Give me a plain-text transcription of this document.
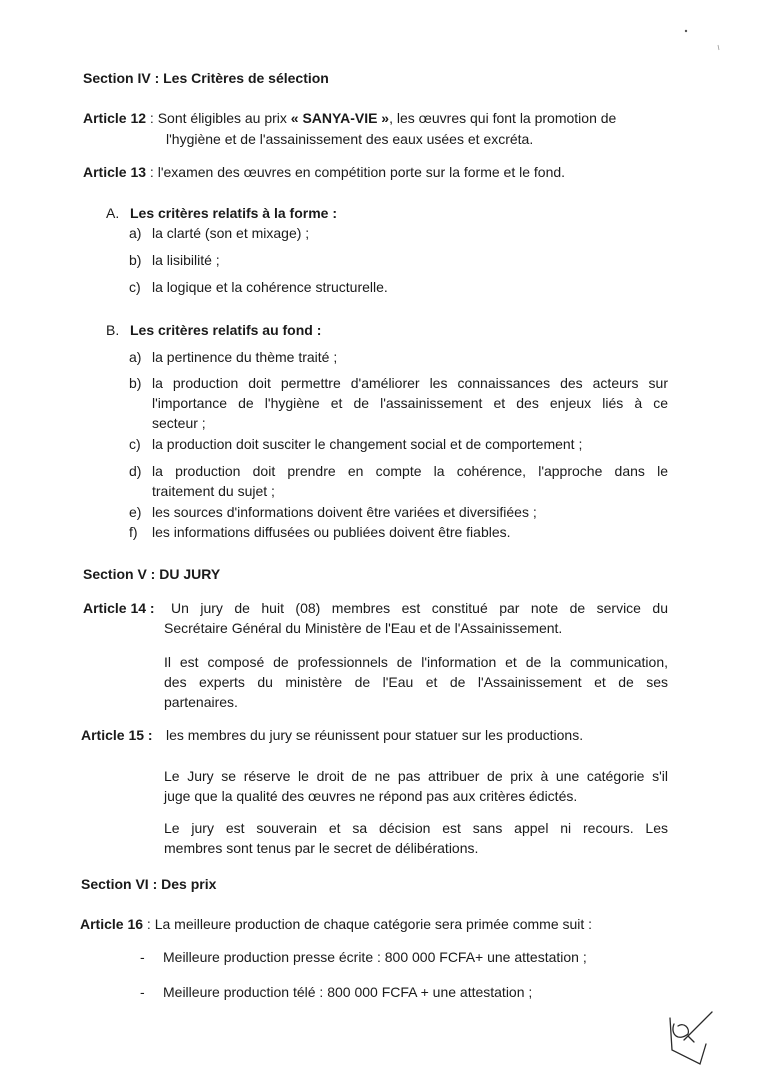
Section IV : Les Critères de sélection
Article 12 : Sont éligibles au prix « SANYA-VIE », les œuvres qui font la promotion de
l'hygiène et de l'assainissement des eaux usées et excréta.
Article 13 : l'examen des œuvres en compétition porte sur la forme et le fond.
A. Les critères relatifs à la forme :
a) la clarté (son et mixage) ;
b) la lisibilité ;
c) la logique et la cohérence structurelle.
B. Les critères relatifs au fond :
a) la pertinence du thème traité ;
b) la production doit permettre d'améliorer les connaissances des acteurs sur
l'importance de l'hygiène et de l'assainissement et des enjeux liés à ce
secteur ;
c) la production doit susciter le changement social et de comportement ;
d) la production doit prendre en compte la cohérence, l'approche dans le
traitement du sujet ;
e) les sources d'informations doivent être variées et diversifiées ;
f) les informations diffusées ou publiées doivent être fiables.
Section V : DU JURY
Article 14 : Un jury de huit (08) membres est constitué par note de service du
Secrétaire Général du Ministère de l'Eau et de l'Assainissement.
Il est composé de professionnels de l'information et de la communication,
des experts du ministère de l'Eau et de l'Assainissement et de ses
partenaires.
Article 15 : les membres du jury se réunissent pour statuer sur les productions.
Le Jury se réserve le droit de ne pas attribuer de prix à une catégorie s'il
juge que la qualité des œuvres ne répond pas aux critères édictés.
Le jury est souverain et sa décision est sans appel ni recours. Les
membres sont tenus par le secret de délibérations.
Section VI : Des prix
Article 16 : La meilleure production de chaque catégorie sera primée comme suit :
- Meilleure production presse écrite : 800 000 FCFA+ une attestation ;
- Meilleure production télé : 800 000 FCFA + une attestation ;
